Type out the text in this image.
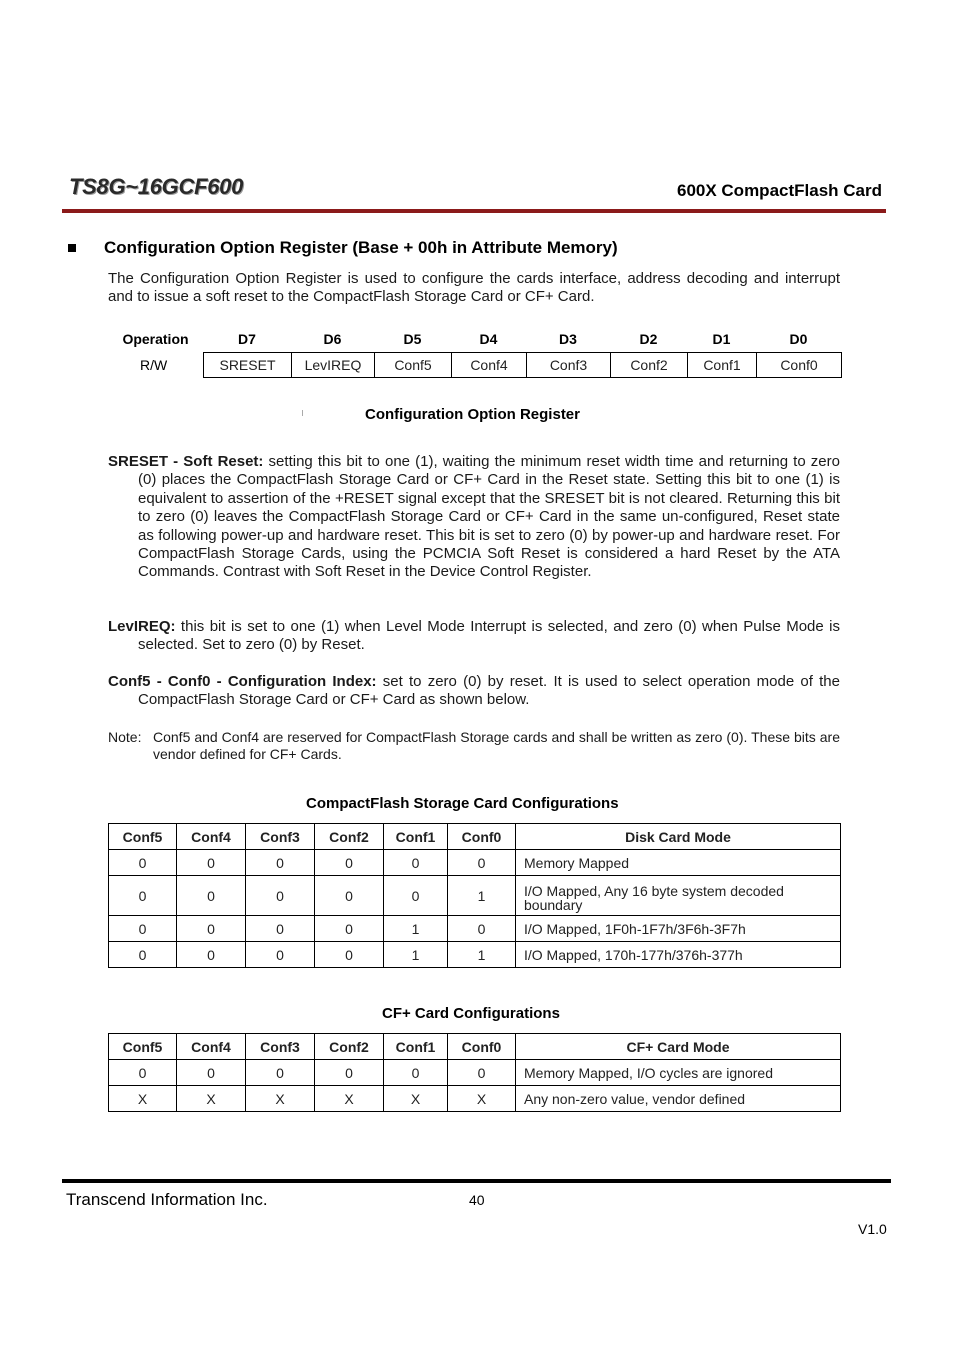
TS8G~16GCF600	600X CompactFlash Card
Configuration Option Register (Base + 00h in Attribute Memory)
The Configuration Option Register is used to configure the cards interface, address decoding and interrupt and to issue a soft reset to the CompactFlash Storage Card or CF+ Card.
Operation	D7	D6	D5	D4	D3	D2	D1	D0
R/W	SRESET	LevIREQ	Conf5	Conf4	Conf3	Conf2	Conf1	Conf0
Configuration Option Register
SRESET - Soft Reset: setting this bit to one (1), waiting the minimum reset width time and returning to zero (0) places the CompactFlash Storage Card or CF+ Card in the Reset state. Setting this bit to one (1) is equivalent to assertion of the +RESET signal except that the SRESET bit is not cleared. Returning this bit to zero (0) leaves the CompactFlash Storage Card or CF+ Card in the same un-configured, Reset state as following power-up and hardware reset. This bit is set to zero (0) by power-up and hardware reset. For CompactFlash Storage Cards, using the PCMCIA Soft Reset is considered a hard Reset by the ATA Commands. Contrast with Soft Reset in the Device Control Register.
LevIREQ: this bit is set to one (1) when Level Mode Interrupt is selected, and zero (0) when Pulse Mode is selected. Set to zero (0) by Reset.
Conf5 - Conf0 - Configuration Index: set to zero (0) by reset. It is used to select operation mode of the CompactFlash Storage Card or CF+ Card as shown below.
Note: Conf5 and Conf4 are reserved for CompactFlash Storage cards and shall be written as zero (0). These bits are vendor defined for CF+ Cards.
CompactFlash Storage Card Configurations
Conf5	Conf4	Conf3	Conf2	Conf1	Conf0	Disk Card Mode
0	0	0	0	0	0	Memory Mapped
0	0	0	0	0	1	I/O Mapped, Any 16 byte system decoded boundary
0	0	0	0	1	0	I/O Mapped, 1F0h-1F7h/3F6h-3F7h
0	0	0	0	1	1	I/O Mapped, 170h-177h/376h-377h
CF+ Card Configurations
Conf5	Conf4	Conf3	Conf2	Conf1	Conf0	CF+ Card Mode
0	0	0	0	0	0	Memory Mapped, I/O cycles are ignored
X	X	X	X	X	X	Any non-zero value, vendor defined
Transcend Information Inc.	40
V1.0
